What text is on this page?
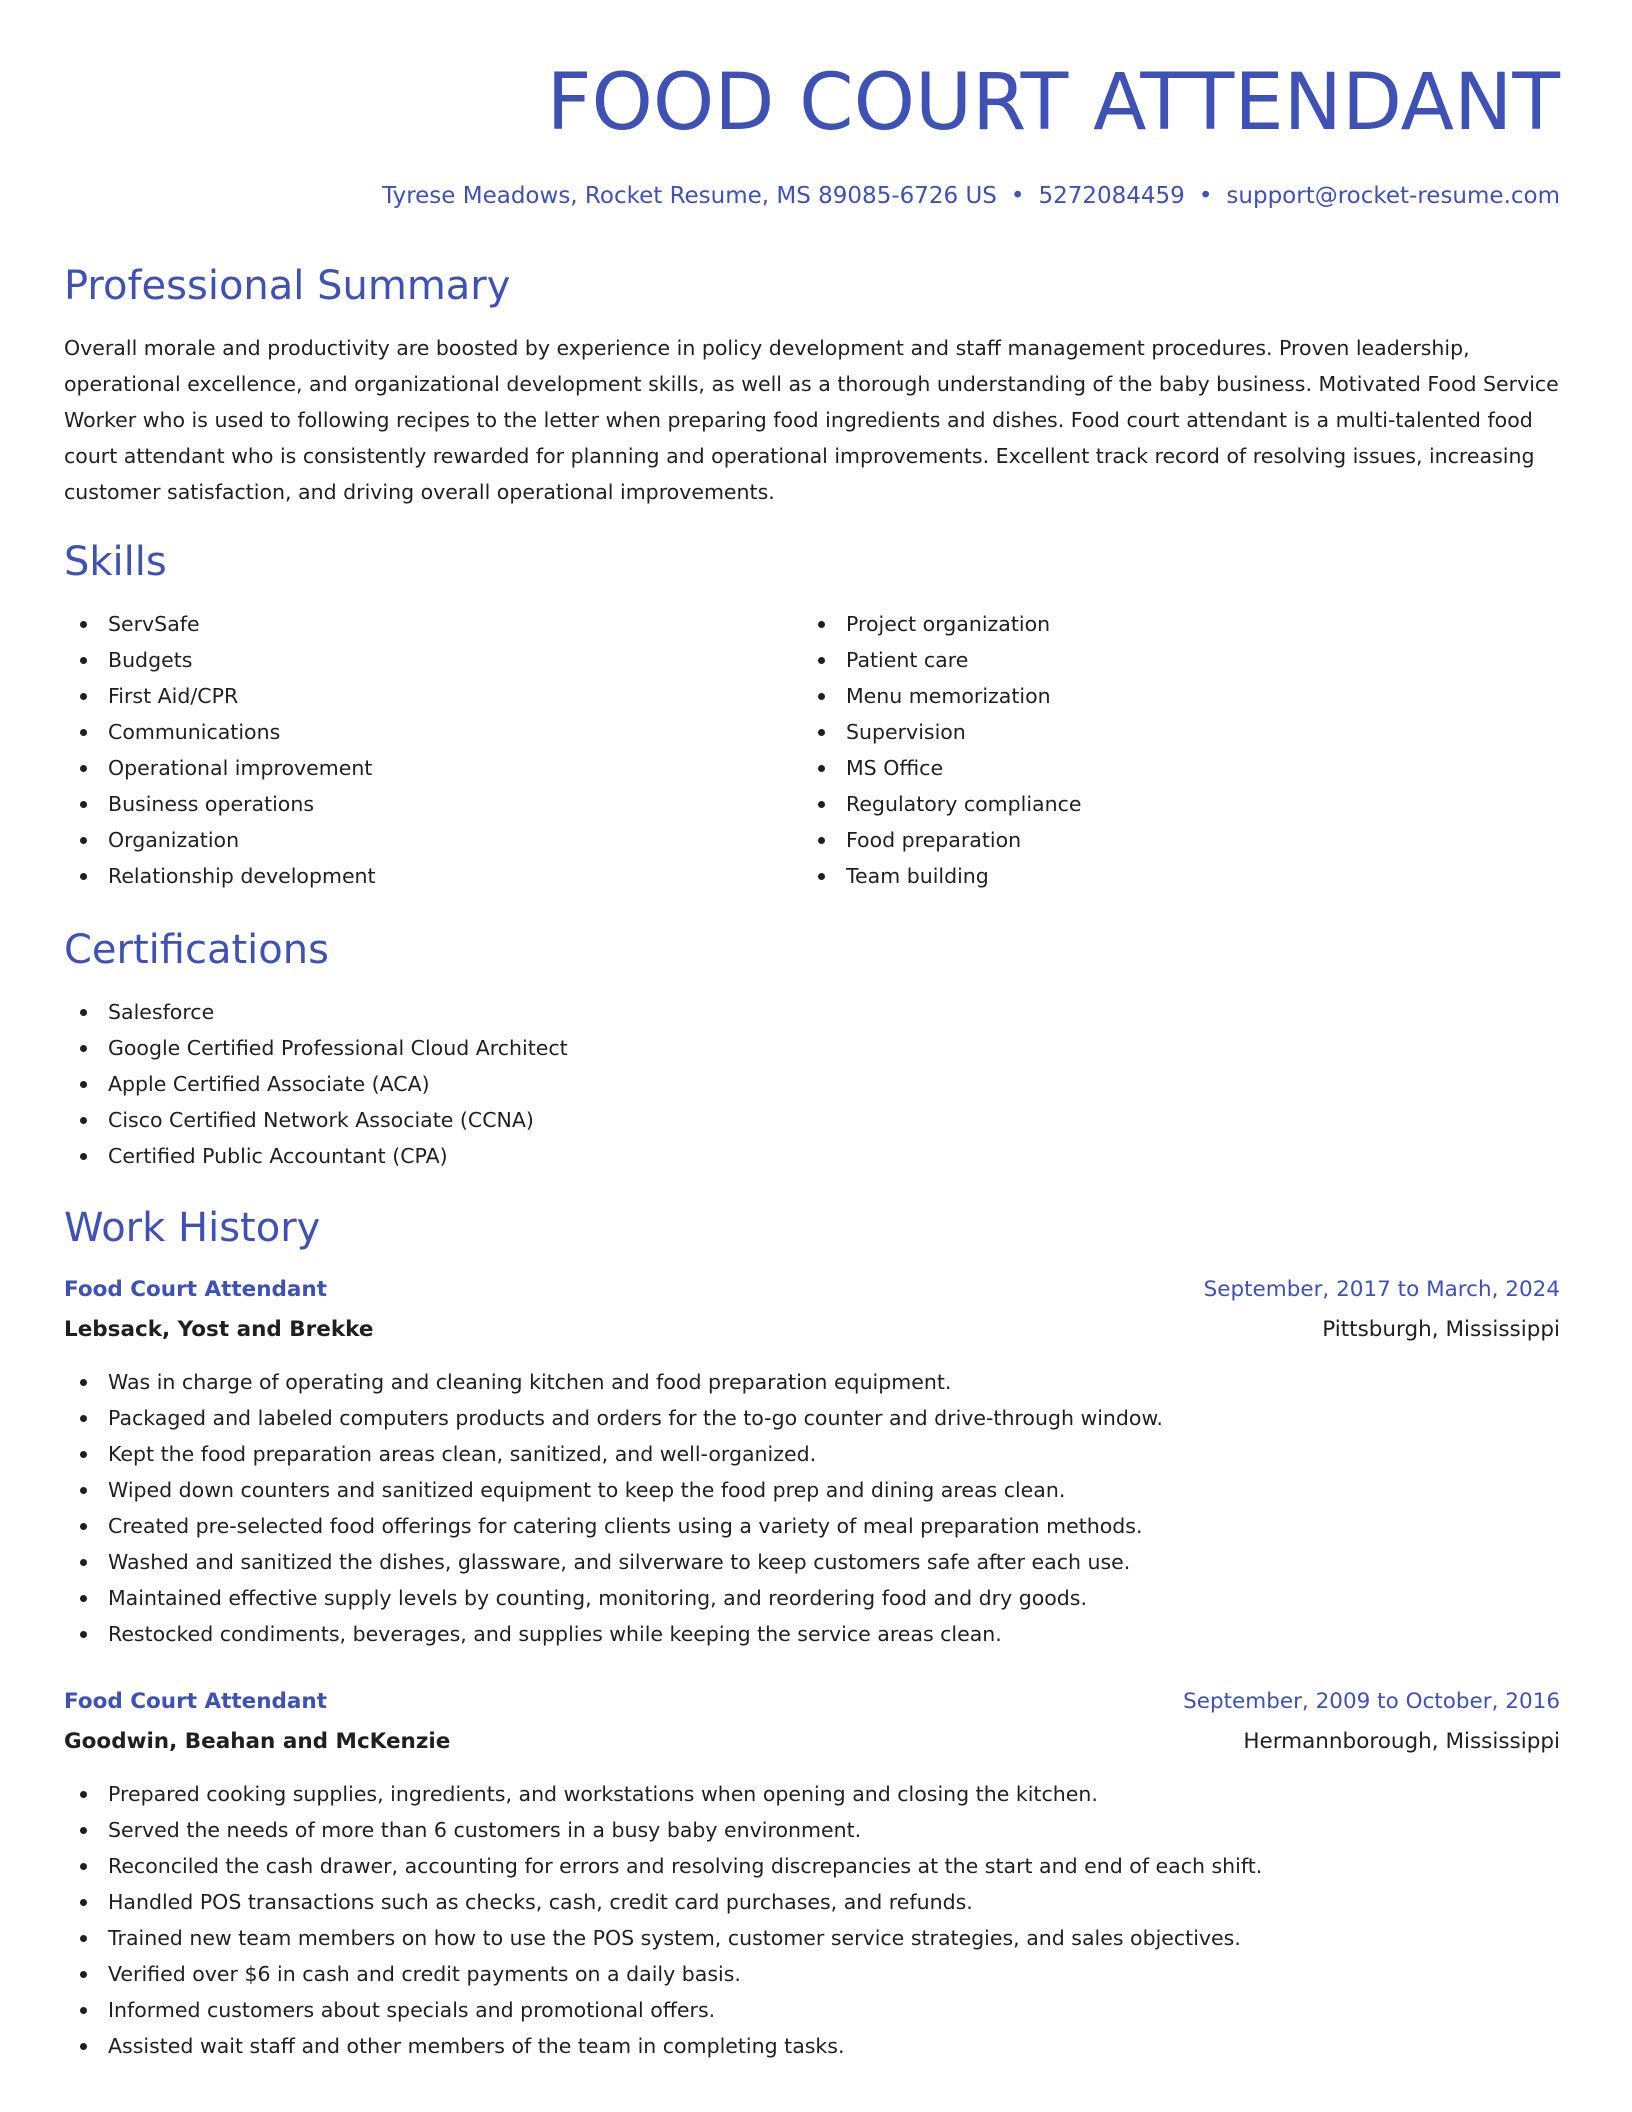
FOOD COURT ATTENDANT

Tyrese Meadows, Rocket Resume, MS 89085-6726 US • 5272084459 • support@rocket-resume.com

Professional Summary

Overall morale and productivity are boosted by experience in policy development and staff management procedures. Proven leadership, operational excellence, and organizational development skills, as well as a thorough understanding of the baby business. Motivated Food Service Worker who is used to following recipes to the letter when preparing food ingredients and dishes. Food court attendant is a multi-talented food court attendant who is consistently rewarded for planning and operational improvements. Excellent track record of resolving issues, increasing customer satisfaction, and driving overall operational improvements.

Skills
ServSafe
Budgets
First Aid/CPR
Communications
Operational improvement
Business operations
Organization
Relationship development
Project organization
Patient care
Menu memorization
Supervision
MS Office
Regulatory compliance
Food preparation
Team building
Certifications
Salesforce
Google Certified Professional Cloud Architect
Apple Certified Associate (ACA)
Cisco Certified Network Associate (CCNA)
Certified Public Accountant (CPA)
Work History
Food Court Attendant	September, 2017 to March, 2024
Lebsack, Yost and Brekke	Pittsburgh, Mississippi
Was in charge of operating and cleaning kitchen and food preparation equipment.
Packaged and labeled computers products and orders for the to-go counter and drive-through window.
Kept the food preparation areas clean, sanitized, and well-organized.
Wiped down counters and sanitized equipment to keep the food prep and dining areas clean.
Created pre-selected food offerings for catering clients using a variety of meal preparation methods.
Washed and sanitized the dishes, glassware, and silverware to keep customers safe after each use.
Maintained effective supply levels by counting, monitoring, and reordering food and dry goods.
Restocked condiments, beverages, and supplies while keeping the service areas clean.
Food Court Attendant	September, 2009 to October, 2016
Goodwin, Beahan and McKenzie	Hermannborough, Mississippi
Prepared cooking supplies, ingredients, and workstations when opening and closing the kitchen.
Served the needs of more than 6 customers in a busy baby environment.
Reconciled the cash drawer, accounting for errors and resolving discrepancies at the start and end of each shift.
Handled POS transactions such as checks, cash, credit card purchases, and refunds.
Trained new team members on how to use the POS system, customer service strategies, and sales objectives.
Verified over $6 in cash and credit payments on a daily basis.
Informed customers about specials and promotional offers.
Assisted wait staff and other members of the team in completing tasks.
